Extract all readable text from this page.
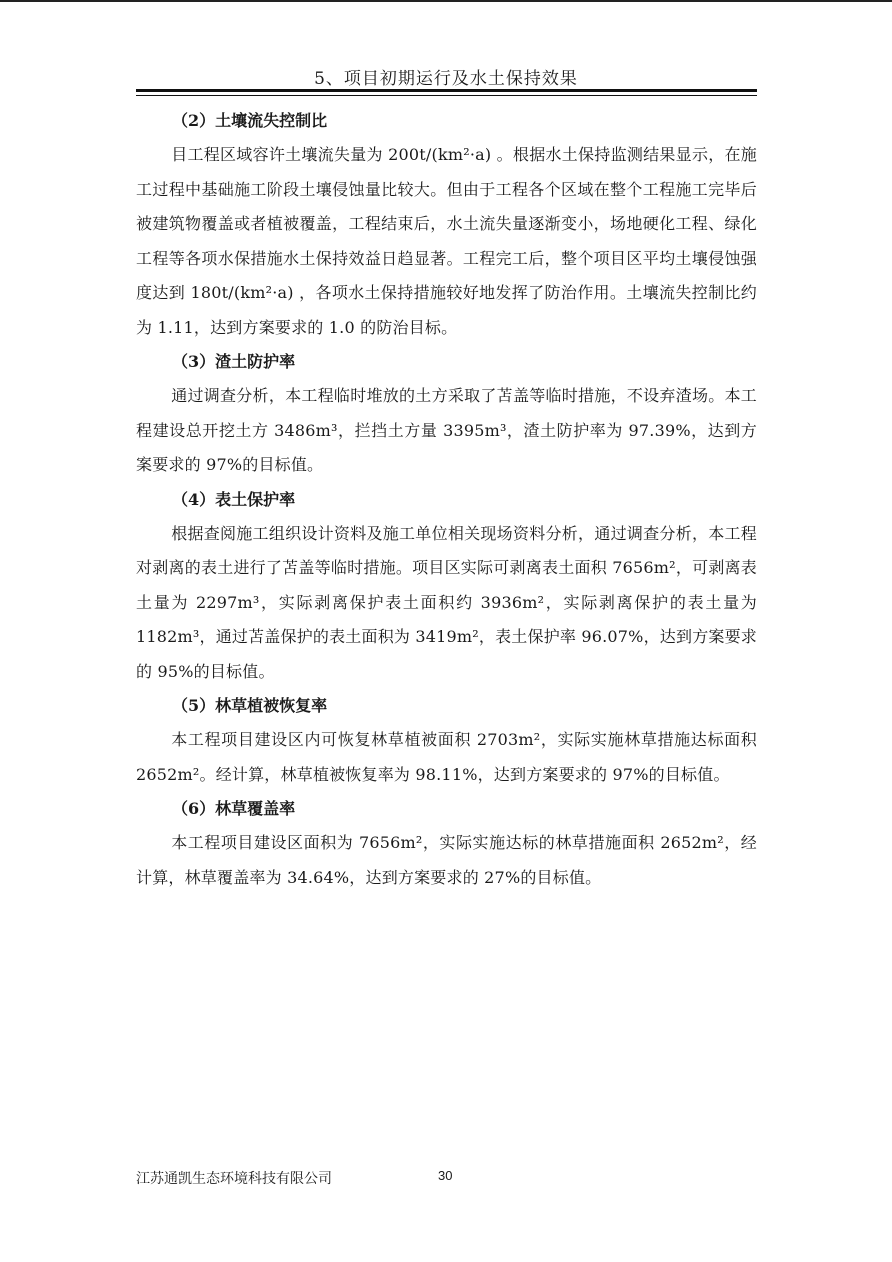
5、项目初期运行及水土保持效果
（2）土壤流失控制比

目工程区域容许土壤流失量为 200t/(km²·a) 。根据水土保持监测结果显示，在施工过程中基础施工阶段土壤侵蚀量比较大。但由于工程各个区域在整个工程施工完毕后被建筑物覆盖或者植被覆盖，工程结束后，水土流失量逐渐变小，场地硬化工程、绿化工程等各项水保措施水土保持效益日趋显著。工程完工后，整个项目区平均土壤侵蚀强度达到 180t/(km²·a) ，各项水土保持措施较好地发挥了防治作用。土壤流失控制比约为 1.11，达到方案要求的 1.0 的防治目标。

（3）渣土防护率

通过调查分析，本工程临时堆放的土方采取了苫盖等临时措施，不设弃渣场。本工程建设总开挖土方 3486m³，拦挡土方量 3395m³，渣土防护率为 97.39%，达到方案要求的 97%的目标值。

（4）表土保护率

根据查阅施工组织设计资料及施工单位相关现场资料分析，通过调查分析，本工程对剥离的表土进行了苫盖等临时措施。项目区实际可剥离表土面积 7656m²，可剥离表土量为 2297m³，实际剥离保护表土面积约 3936m²，实际剥离保护的表土量为 1182m³，通过苫盖保护的表土面积为 3419m²，表土保护率 96.07%，达到方案要求的 95%的目标值。

（5）林草植被恢复率

本工程项目建设区内可恢复林草植被面积 2703m²，实际实施林草措施达标面积 2652m²。经计算，林草植被恢复率为 98.11%，达到方案要求的 97%的目标值。

（6）林草覆盖率

本工程项目建设区面积为 7656m²，实际实施达标的林草措施面积 2652m²，经计算，林草覆盖率为 34.64%，达到方案要求的 27%的目标值。

江苏通凯生态环境科技有限公司	30
